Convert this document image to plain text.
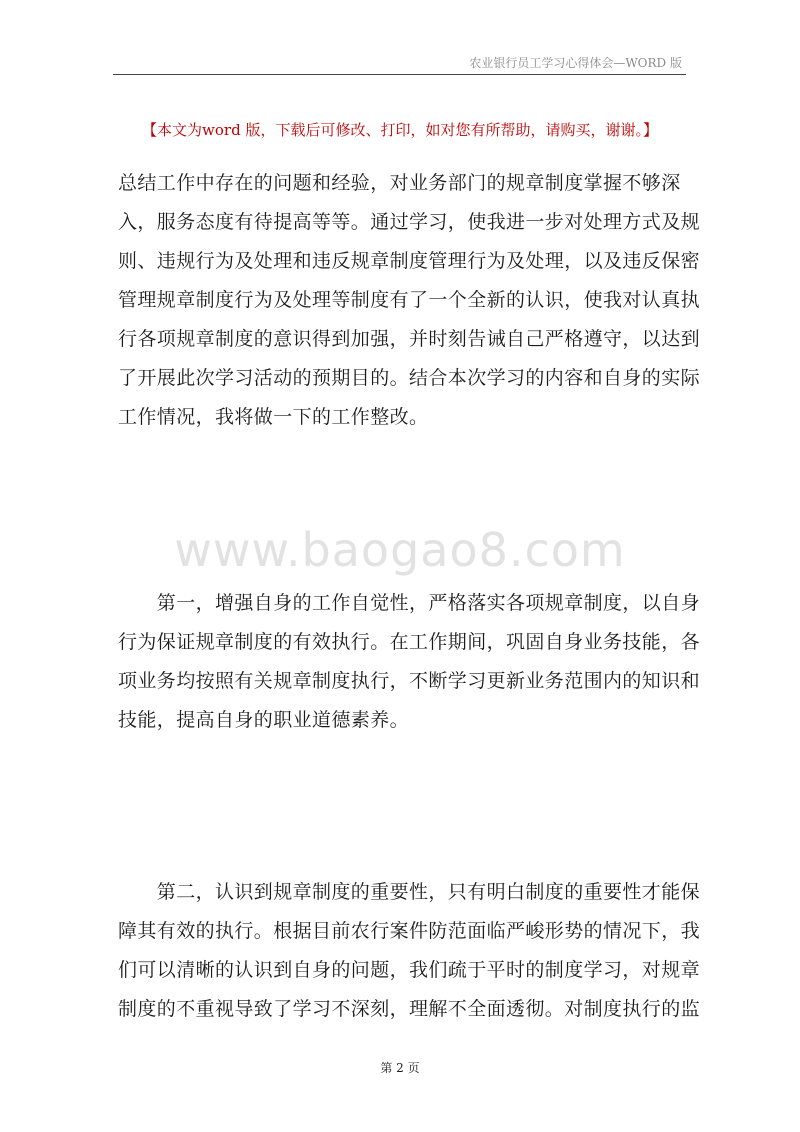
农业银行员工学习心得体会—WORD 版
【本文为word 版，下载后可修改、打印，如对您有所帮助，请购买，谢谢。】
总结工作中存在的问题和经验，对业务部门的规章制度掌握不够深
入，服务态度有待提高等等。通过学习，使我进一步对处理方式及规
则、违规行为及处理和违反规章制度管理行为及处理，以及违反保密
管理规章制度行为及处理等制度有了一个全新的认识，使我对认真执
行各项规章制度的意识得到加强，并时刻告诫自己严格遵守，以达到
了开展此次学习活动的预期目的。结合本次学习的内容和自身的实际
工作情况，我将做一下的工作整改。
www.baogao8.com
　　第一，增强自身的工作自觉性，严格落实各项规章制度，以自身
行为保证规章制度的有效执行。在工作期间，巩固自身业务技能，各
项业务均按照有关规章制度执行，不断学习更新业务范围内的知识和
技能，提高自身的职业道德素养。
　　第二，认识到规章制度的重要性，只有明白制度的重要性才能保
障其有效的执行。根据目前农行案件防范面临严峻形势的情况下，我
们可以清晰的认识到自身的问题，我们疏于平时的制度学习，对规章
制度的不重视导致了学习不深刻，理解不全面透彻。对制度执行的监
第 2 页
